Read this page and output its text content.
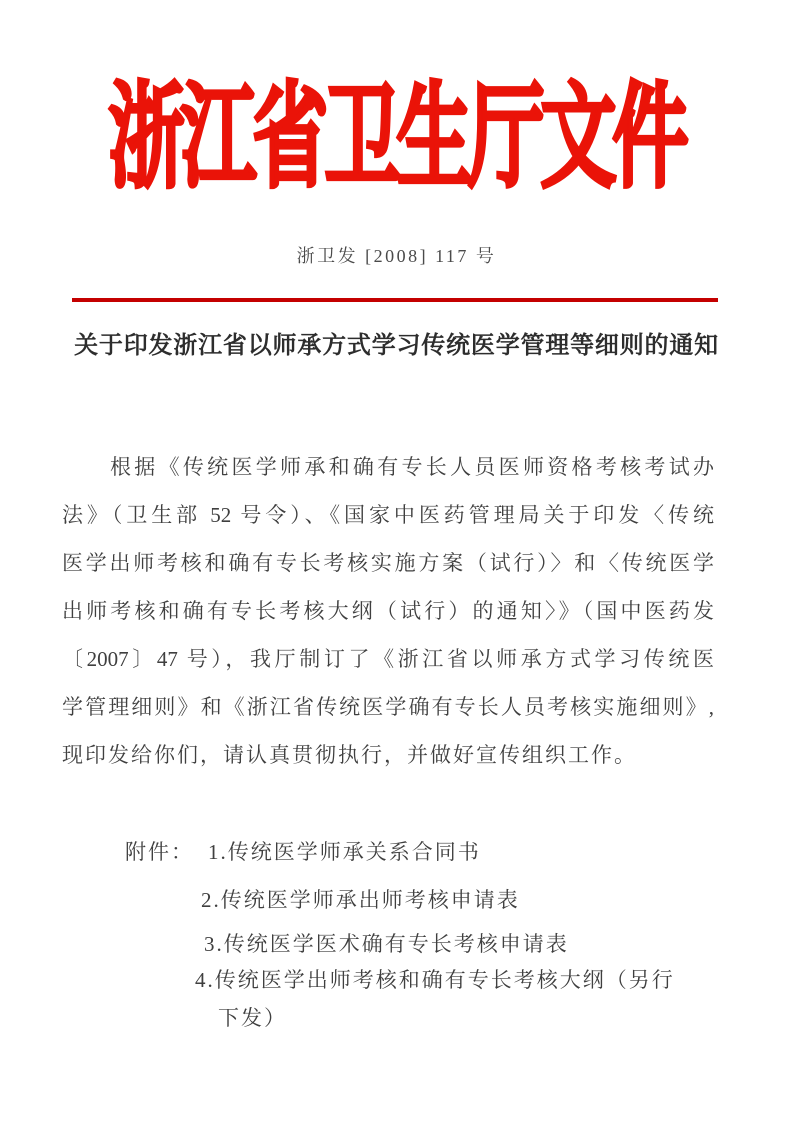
浙江省卫生厅文件
浙卫发 [2008] 117 号
关于印发浙江省以师承方式学习传统医学管理等细则的通知
根据《传统医学师承和确有专长人员医师资格考核考试办
法》（卫生部 52 号令）、《国家中医药管理局关于印发〈传统
医学出师考核和确有专长考核实施方案（试行）〉和〈传统医学
出师考核和确有专长考核大纲（试行）的通知〉》（国中医药发
〔2007〕47 号），我厅制订了《浙江省以师承方式学习传统医
学管理细则》和《浙江省传统医学确有专长人员考核实施细则》,
现印发给你们，请认真贯彻执行，并做好宣传组织工作。
附件： 1.传统医学师承关系合同书
2.传统医学师承出师考核申请表
3.传统医学医术确有专长考核申请表
4.传统医学出师考核和确有专长考核大纲（另行
下发）
